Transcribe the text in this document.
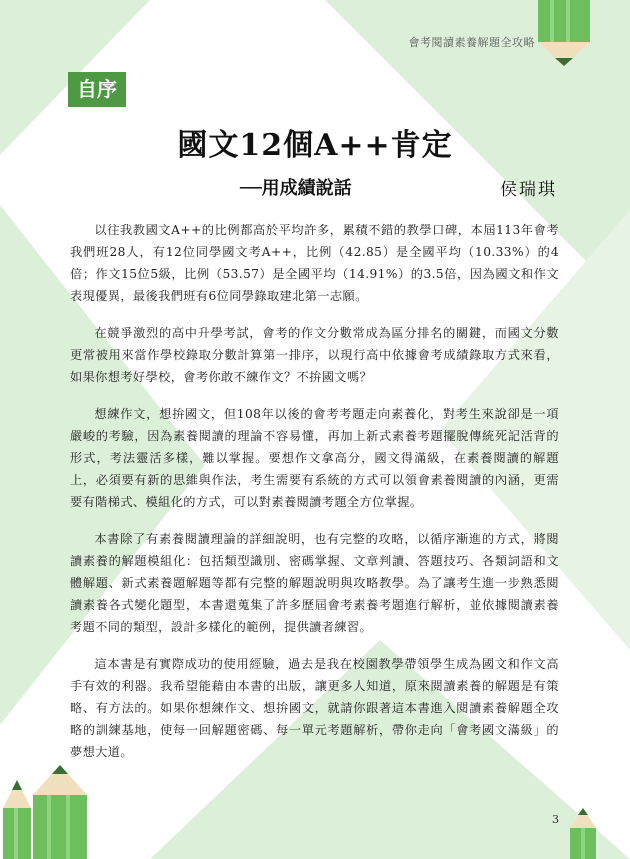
會考閱讀素養解題全攻略
自序
國文12個A++肯定
──用成績說話	侯瑞琪

以往我教國文A++的比例都高於平均許多，累積不錯的教學口碑，本屆113年會考我們班28人，有12位同學國文考A++，比例（42.85）是全國平均（10.33%）的4倍；作文15位5級，比例（53.57）是全國平均（14.91%）的3.5倍，因為國文和作文表現優異，最後我們班有6位同學錄取建北第一志願。

在競爭激烈的高中升學考試，會考的作文分數常成為區分排名的關鍵，而國文分數更常被用來當作學校錄取分數計算第一排序，以現行高中依據會考成績錄取方式來看，如果你想考好學校，會考你敢不練作文？不拚國文嗎？

想練作文，想拚國文，但108年以後的會考考題走向素養化，對考生來說卻是一項嚴峻的考驗，因為素養閱讀的理論不容易懂，再加上新式素養考題擺脫傳統死記活背的形式，考法靈活多樣，難以掌握。要想作文拿高分，國文得滿級，在素養閱讀的解題上，必須要有新的思維與作法，考生需要有系統的方式可以領會素養閱讀的內涵，更需要有階梯式、模組化的方式，可以對素養閱讀考題全方位掌握。

本書除了有素養閱讀理論的詳細說明，也有完整的攻略，以循序漸進的方式，將閱讀素養的解題模組化：包括類型識別、密碼掌握、文章判讀、答題技巧、各類詞語和文體解題、新式素養題解題等都有完整的解題說明與攻略教學。為了讓考生進一步熟悉閱讀素養各式變化題型，本書還蒐集了許多歷屆會考素養考題進行解析，並依據閱讀素養考題不同的類型，設計多樣化的範例，提供讀者練習。

這本書是有實際成功的使用經驗，過去是我在校園教學帶領學生成為國文和作文高手有效的利器。我希望能藉由本書的出版，讓更多人知道，原來閱讀素養的解題是有策略、有方法的。如果你想練作文、想拚國文，就請你跟著這本書進入閱讀素養解題全攻略的訓練基地，使每一回解題密碼、每一單元考題解析，帶你走向「會考國文滿級」的夢想大道。

3
